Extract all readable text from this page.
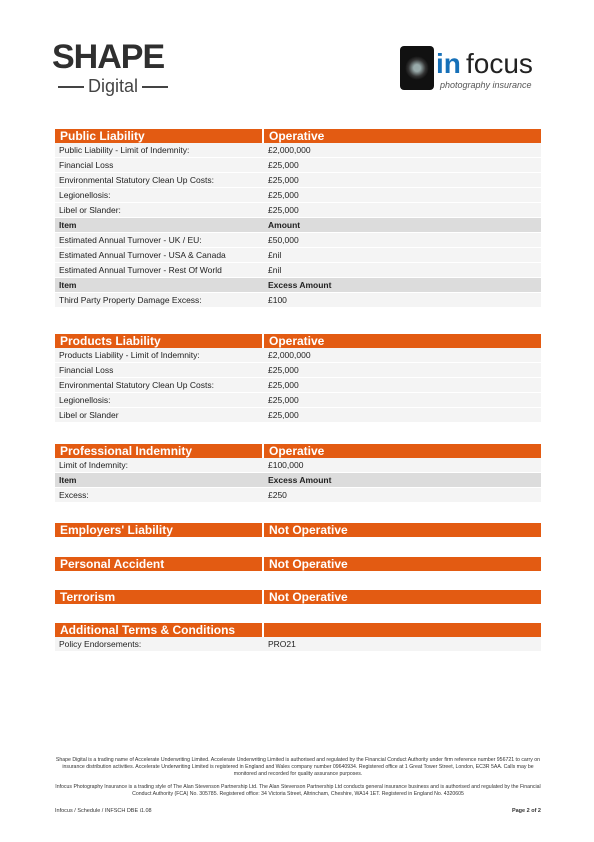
SHAPE
Digital
in focus
photography insurance
Public Liability	Operative
Public Liability - Limit of Indemnity:	£2,000,000
Financial Loss	£25,000
Environmental Statutory Clean Up Costs:	£25,000
Legionellosis:	£25,000
Libel or Slander:	£25,000
Item	Amount
Estimated Annual Turnover - UK / EU:	£50,000
Estimated Annual Turnover - USA & Canada	£nil
Estimated Annual Turnover - Rest Of World	£nil
Item	Excess Amount
Third Party Property Damage Excess:	£100
Products Liability	Operative
Products Liability - Limit of Indemnity:	£2,000,000
Financial Loss	£25,000
Environmental Statutory Clean Up Costs:	£25,000
Legionellosis:	£25,000
Libel or Slander	£25,000
Professional Indemnity	Operative
Limit of Indemnity:	£100,000
Item	Excess Amount
Excess:	£250
Employers' Liability	Not Operative
Personal Accident	Not Operative
Terrorism	Not Operative
Additional Terms & Conditions
Policy Endorsements:	PRO21
Shape Digital is a trading name of Accelerate Underwriting Limited. Accelerate Underwriting Limited is authorised and regulated by the Financial Conduct Authority under firm reference number 956721 to carry on insurance distribution activities. Accelerate Underwriting Limited is registered in England and Wales company number 09640934. Registered office at 1 Great Tower Street, London, EC3R 5AA. Calls may be monitored and recorded for quality assurance purposes.
Infocus Photography Insurance is a trading style of The Alan Stevenson Partnership Ltd. The Alan Stevenson Partnership Ltd conducts general insurance business and is authorised and regulated by the Financial Conduct Authority (FCA) No. 305785. Registered office: 34 Victoria Street, Altrincham, Cheshire, WA14 1ET. Registered in England No. 4320605
Infocus / Schedule / INFSCH DBE i1.08	Page 2 of 2
